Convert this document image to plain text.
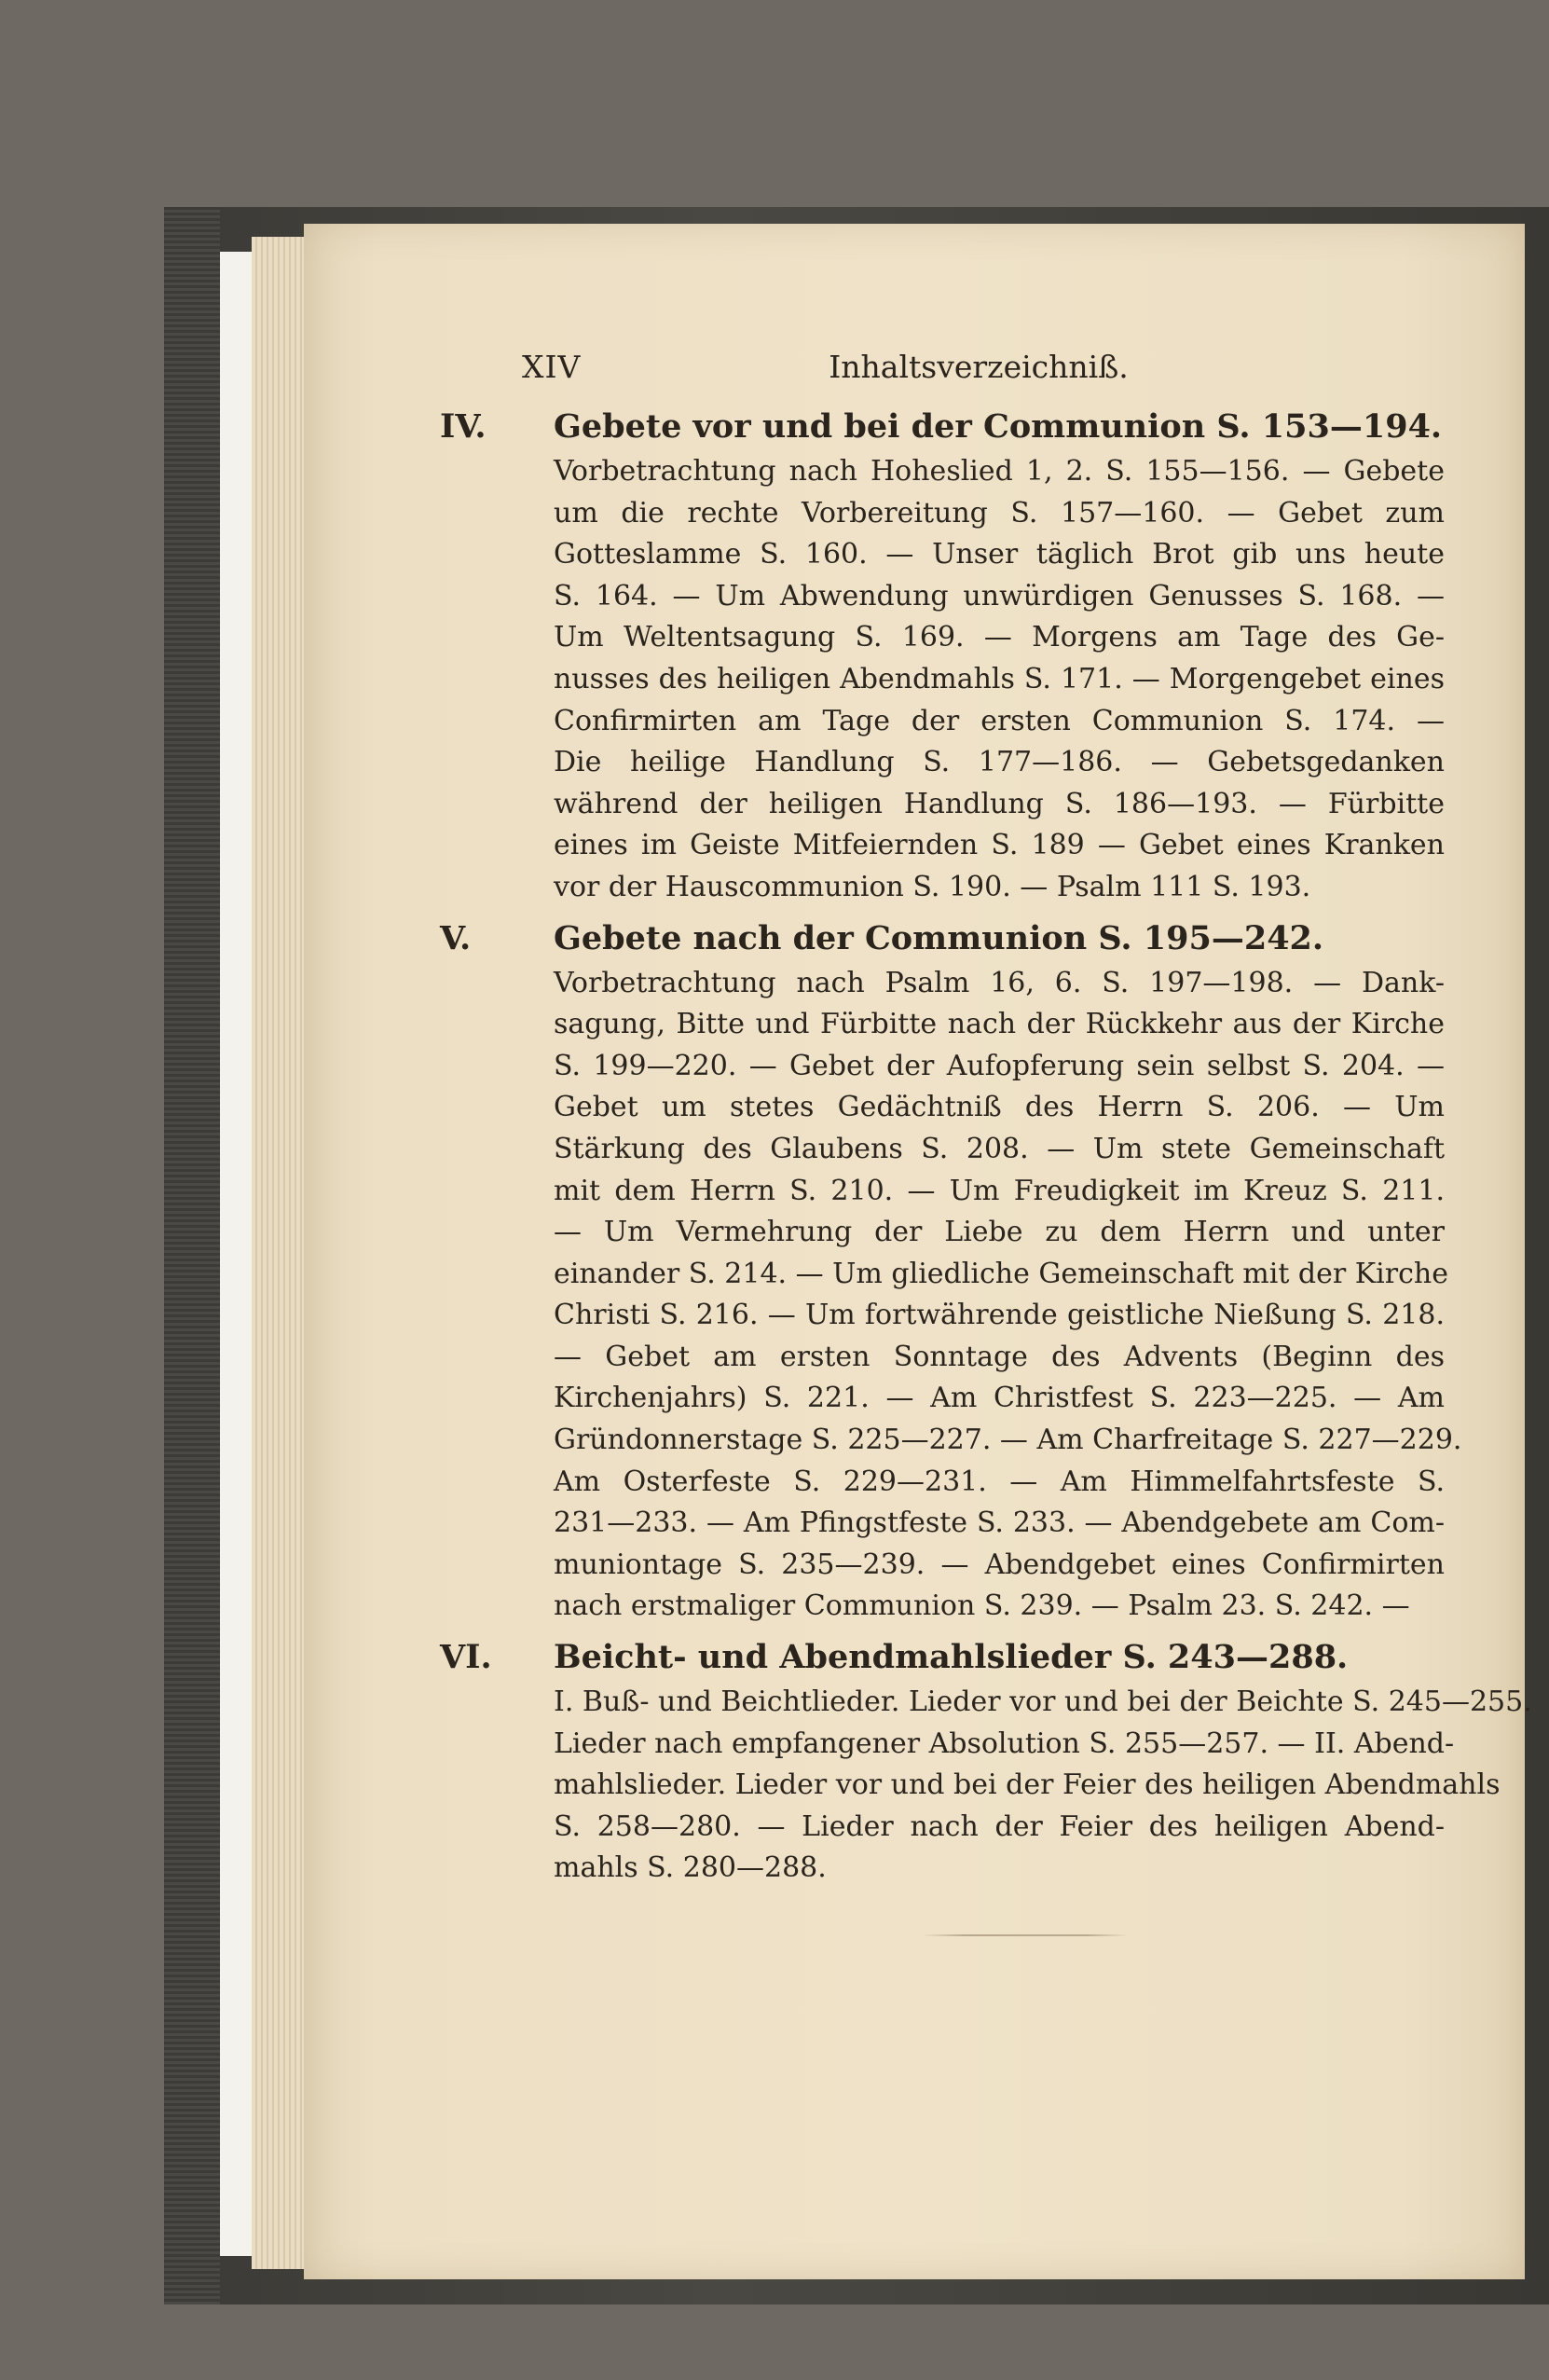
XIV	Inhaltsverzeichniß.
IV. Gebete vor und bei der Communion S. 153—194.
Vorbetrachtung nach Hoheslied 1, 2. S. 155—156. — Gebete
um die rechte Vorbereitung S. 157—160. — Gebet zum
Gotteslamme S. 160. — Unser täglich Brot gib uns heute
S. 164. — Um Abwendung unwürdigen Genusses S. 168. —
Um Weltentsagung S. 169. — Morgens am Tage des Ge-
nusses des heiligen Abendmahls S. 171. — Morgengebet eines
Confirmirten am Tage der ersten Communion S. 174. —
Die heilige Handlung S. 177—186. — Gebetsgedanken
während der heiligen Handlung S. 186—193. — Fürbitte
eines im Geiste Mitfeiernden S. 189 — Gebet eines Kranken
vor der Hauscommunion S. 190. — Psalm 111 S. 193.
V.	Gebete nach der Communion S. 195—242.
Vorbetrachtung nach Psalm 16, 6. S. 197—198. — Dank-
sagung, Bitte und Fürbitte nach der Rückkehr aus der Kirche
S. 199—220. — Gebet der Aufopferung sein selbst S. 204. —
Gebet um stetes Gedächtniß des Herrn S. 206. — Um
Stärkung des Glaubens S. 208. — Um stete Gemeinschaft
mit dem Herrn S. 210. — Um Freudigkeit im Kreuz S. 211.
— Um Vermehrung der Liebe zu dem Herrn und unter
einander S. 214. — Um gliedliche Gemeinschaft mit der Kirche
Christi S. 216. — Um fortwährende geistliche Nießung S. 218.
— Gebet am ersten Sonntage des Advents (Beginn des
Kirchenjahrs) S. 221. — Am Christfest S. 223—225. — Am
Gründonnerstage S. 225—227. — Am Charfreitage S. 227—229.
Am Osterfeste S. 229—231. — Am Himmelfahrtsfeste S.
231—233. — Am Pfingstfeste S. 233. — Abendgebete am Com-
muniontage S. 235—239. — Abendgebet eines Confirmirten
nach erstmaliger Communion S. 239. — Psalm 23. S. 242. —
VI. Beicht- und Abendmahlslieder S. 243—288.
I. Buß- und Beichtlieder. Lieder vor und bei der Beichte S. 245—255.
Lieder nach empfangener Absolution S. 255—257. — II. Abend-
mahlslieder. Lieder vor und bei der Feier des heiligen Abendmahls
S. 258—280. — Lieder nach der Feier des heiligen Abend-
mahls S. 280—288.
